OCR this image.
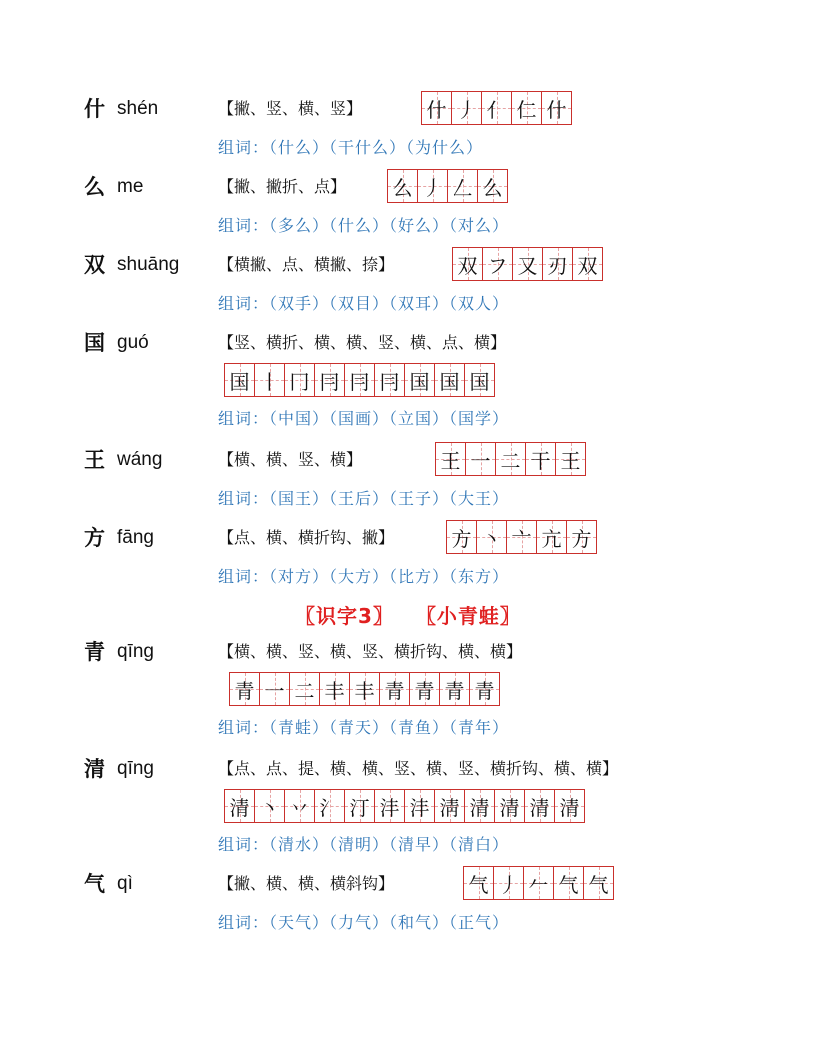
什 shén	【撇、竖、横、竖】	什 丿 亻 仁 什
组词：（什么）（干什么）（为什么）
么 me	【撇、撇折、点】 么 丿 𠃋 么
组词：（多么）（什么）（好么）（对么）
双 shuāng 【横撇、点、横撇、捺】	双 フ 又 刃 双
组词：（双手）（双目）（双耳）（双人）
国 guó	【竖、横折、横、横、竖、横、点、横】
国 丨 冂 冃 冃 冃 国 国 国
组词：（中国）（国画）（立国）（国学）
王 wáng	【横、横、竖、横】	王 一 二 干 王
组词：（国王）（王后）（王子）（大王）
方 fāng	【点、横、横折钩、撇】	方 丶 亠 亢 方
组词：（对方）（大方）（比方）（东方）
〖识字3〗 〖小青蛙〗
青 qīng	【横、横、竖、横、竖、横折钩、横、横】
青 一 二 丰 丰 青 青 青 青
组词：（青蛙）（青天）（青鱼）（青年）
清 qīng	【点、点、提、横、横、竖、横、竖、横折钩、横、横】
清 丶 丷 氵 汀 沣 沣 淸 清 清 清 清
组词：（清水）（清明）（清早）（清白）
气 qì	【撇、横、横、横斜钩】	气 丿 𠂉 气 气
组词：（天气）（力气）（和气）（正气）
